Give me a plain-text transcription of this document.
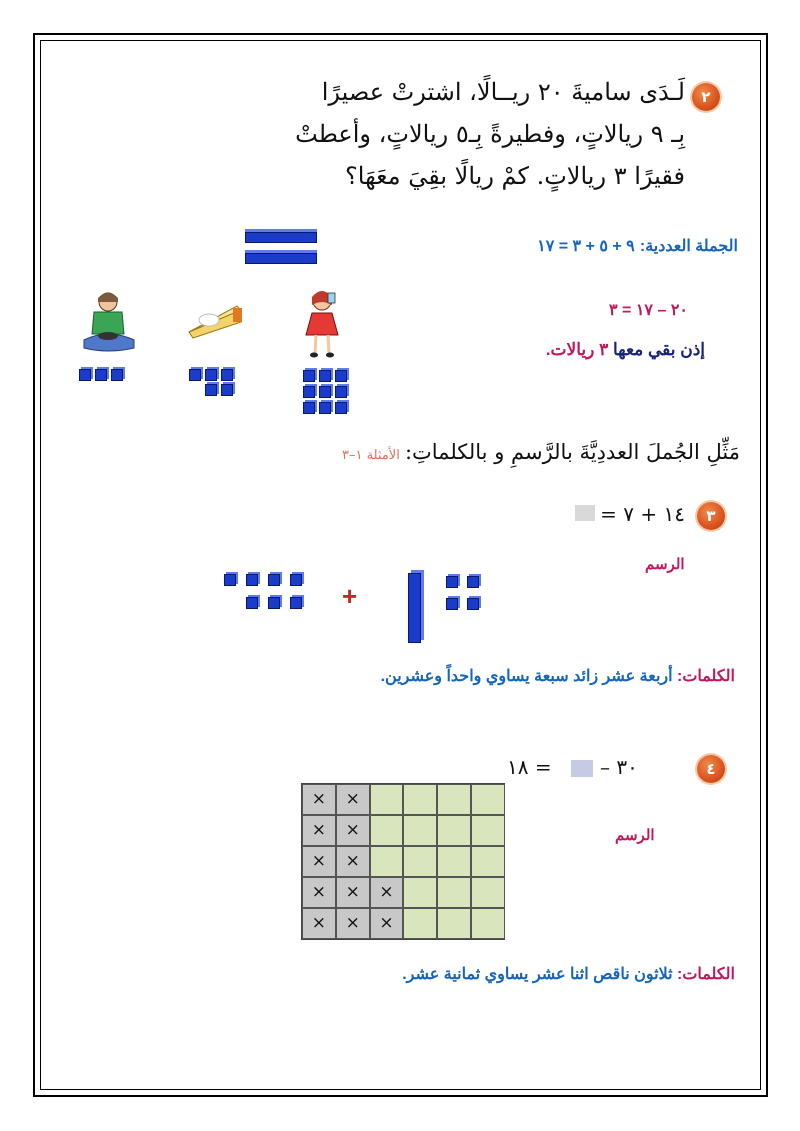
٢
لَـدَى ساميةَ ٢٠ ريــالًا، اشترتْ عصيرًا
بِـ ٩ ريالاتٍ، وفطيرةً بِـ٥ ريالاتٍ، وأعطتْ
فقيرًا ٣ ريالاتٍ. كمْ ريالًا بقِيَ معَهَا؟
الجملة العددية: ٩ + ٥ + ٣ = ١٧
٢٠ – ١٧ = ٣
إذن بقي معها ٣ ريالات.
مَثِّلِ الجُملَ العددِيَّةَ بالرَّسمِ و بالكلماتِ: الأمثلة ١–٣
٣
١٤ + ٧ =
الرسم
+
الكلمات: أربعة عشر زائد سبعة يساوي واحداً وعشرين.
٤
٣٠ –
= ١٨
الرسم
×	×
×	×
×	×
×	×	×
×	×	×
الكلمات: ثلاثون ناقص اثنا عشر يساوي ثمانية عشر.
